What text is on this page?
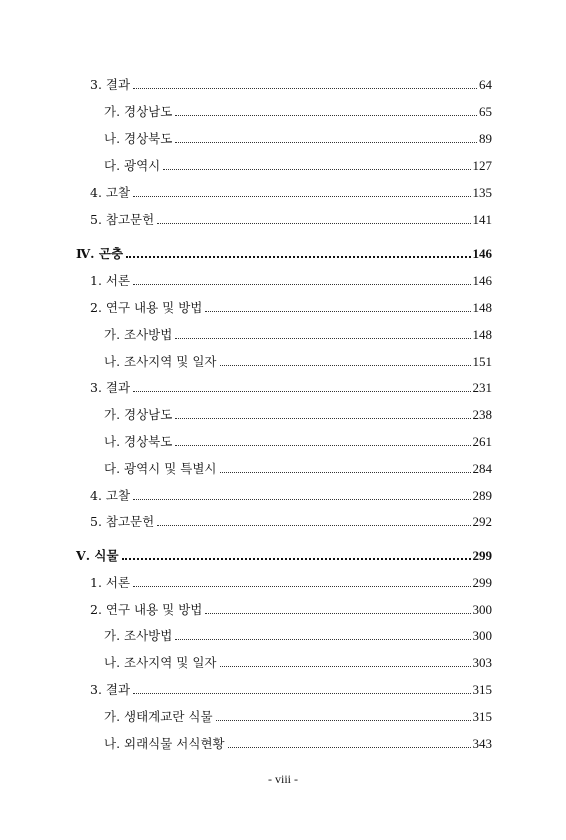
3. 결과	64
가. 경상남도	65
나. 경상북도	89
다. 광역시	127
4. 고찰	135
5. 참고문헌	141
Ⅳ. 곤충	146
1. 서론	146
2. 연구 내용 및 방법	148
가. 조사방법	148
나. 조사지역 및 일자	151
3. 결과	231
가. 경상남도	238
나. 경상북도	261
다. 광역시 및 특별시	284
4. 고찰	289
5. 참고문헌	292
Ⅴ. 식물	299
1. 서론	299
2. 연구 내용 및 방법	300
가. 조사방법	300
나. 조사지역 및 일자	303
3. 결과	315
가. 생태계교란 식물	315
나. 외래식물 서식현황	343
- viii -
